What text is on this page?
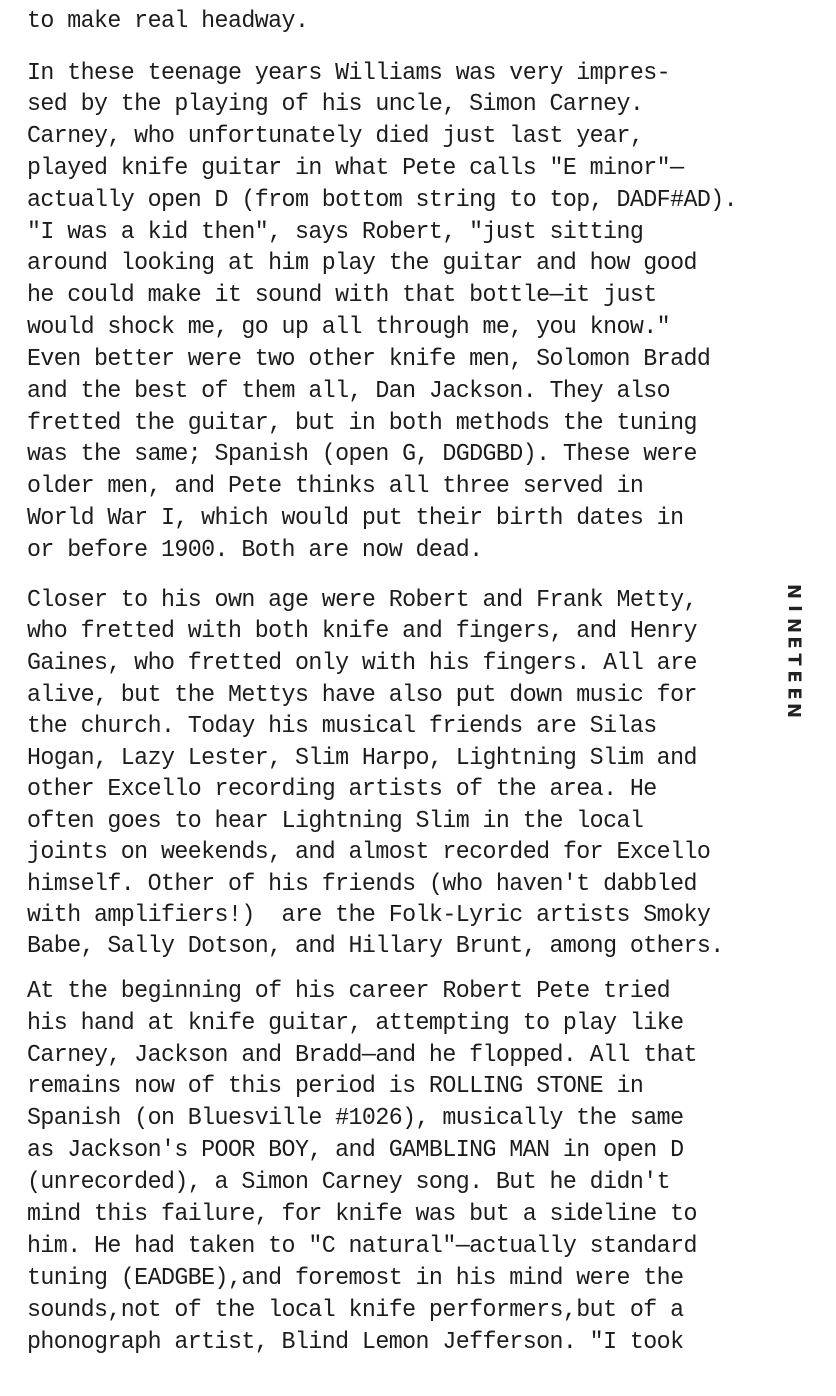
to make real headway.
In these teenage years Williams was very impres-
sed by the playing of his uncle, Simon Carney.
Carney, who unfortunately died just last year,
played knife guitar in what Pete calls "E minor"—
actually open D (from bottom string to top, DADF#AD).
"I was a kid then", says Robert, "just sitting
around looking at him play the guitar and how good
he could make it sound with that bottle—it just
would shock me, go up all through me, you know."
Even better were two other knife men, Solomon Bradd
and the best of them all, Dan Jackson. They also
fretted the guitar, but in both methods the tuning
was the same; Spanish (open G, DGDGBD). These were
older men, and Pete thinks all three served in
World War I, which would put their birth dates in
or before 1900. Both are now dead.
Closer to his own age were Robert and Frank Metty,
who fretted with both knife and fingers, and Henry
Gaines, who fretted only with his fingers. All are
alive, but the Mettys have also put down music for
the church. Today his musical friends are Silas
Hogan, Lazy Lester, Slim Harpo, Lightning Slim and
other Excello recording artists of the area. He
often goes to hear Lightning Slim in the local
joints on weekends, and almost recorded for Excello
himself. Other of his friends (who haven't dabbled
with amplifiers!)  are the Folk-Lyric artists Smoky
Babe, Sally Dotson, and Hillary Brunt, among others.
At the beginning of his career Robert Pete tried
his hand at knife guitar, attempting to play like
Carney, Jackson and Bradd—and he flopped. All that
remains now of this period is ROLLING STONE in
Spanish (on Bluesville #1026), musically the same
as Jackson's POOR BOY, and GAMBLING MAN in open D
(unrecorded), a Simon Carney song. But he didn't
mind this failure, for knife was but a sideline to
him. He had taken to "C natural"—actually standard
tuning (EADGBE),and foremost in his mind were the
sounds,not of the local knife performers,but of a
phonograph artist, Blind Lemon Jefferson. "I took
N
I
N
E
T
E
E
N
